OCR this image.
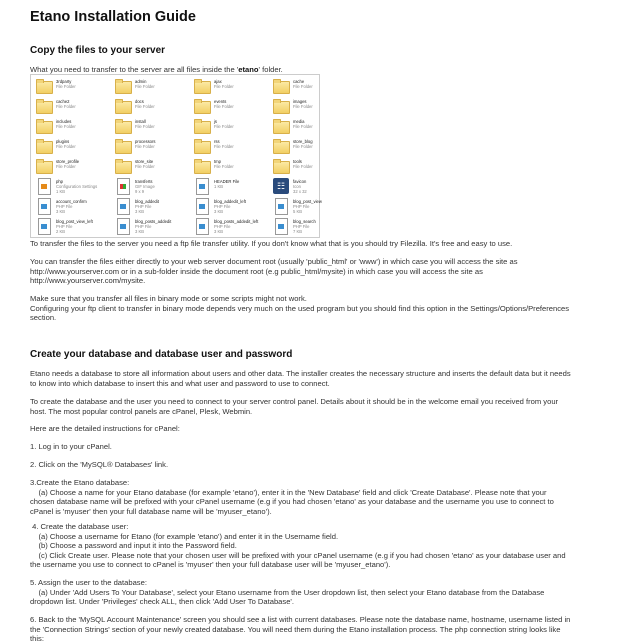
Etano Installation Guide
Copy the files to your server
What you need to transfer to the server are all files inside the 'etano' folder.
3rdparty
File Folder
admin
File Folder
ajax
File Folder
cache
File Folder
cache2
File Folder
docs
File Folder
events
File Folder
images
File Folder
includes
File Folder
install
File Folder
js
File Folder
media
File Folder
plugins
File Folder
processors
File Folder
rss
File Folder
store_blog
File Folder
store_profile
File Folder
store_site
File Folder
tmp
File Folder
tools
File Folder
php
Configuration Settings
1 KB
transferts
GIF Image
9 x 9
HEADER File
1 KB	☷	favicon
Icon
32 x 32
account_confirm
PHP File
3 KB
blog_addedit
PHP File
3 KB
blog_addedit_left
PHP File
3 KB
blog_post_view
PHP File
5 KB
blog_post_view_left
PHP File
2 KB
blog_posts_addedit
PHP File
3 KB
blog_posts_addedit_left
PHP File
3 KB
blog_search
PHP File
7 KB
To transfer the files to the server you need a ftp file transfer utility. If you don't know what that is you should try Filezilla. It's free and easy to use.
You can transfer the files either directly to your web server document root (usually 'public_html' or 'www') in which case you will access the site as
http://www.yourserver.com or in a sub-folder inside the document root (e.g public_html/mysite) in which case you will access the site as
http://www.yourserver.com/mysite.
Make sure that you transfer all files in binary mode or some scripts might not work.
Configuring your ftp client to transfer in binary mode depends very much on the used program but you should find this option in the Settings/Options/Preferences
section.
Create your database and database user and password
Etano needs a database to store all information about users and other data. The installer creates the necessary structure and inserts the default data but it needs
to know into which database to insert this and what user and password to use to connect.
To create the database and the user you need to connect to your server control panel. Details about it should be in the welcome email you received from your
host. The most popular control panels are cPanel, Plesk, Webmin.
Here are the detailed instructions for cPanel:
1. Log in to your cPanel.
2. Click on the 'MySQL® Databases' link.
3.Create the Etano database:
(a) Choose a name for your Etano database (for example 'etano'), enter it in the 'New Database' field and click 'Create Database'. Please note that your
chosen database name will be prefixed with your cPanel username (e.g if you had chosen 'etano' as your database and the username you use to connect to
cPanel is 'myuser' then your full database name will be 'myuser_etano').
4. Create the database user:
(a) Choose a username for Etano (for example 'etano') and enter it in the Username field.
(b) Choose a password and input it into the Password field.
(c) Click Create user. Please note that your chosen user will be prefixed with your cPanel username (e.g if you had chosen 'etano' as your database user and
the username you use to connect to cPanel is 'myuser' then your full database user will be 'myuser_etano').
5. Assign the user to the database:
(a) Under 'Add Users To Your Database', select your Etano username from the User dropdown list, then select your Etano database from the Database
dropdown list. Under 'Privileges' check ALL, then click 'Add User To Database'.
6. Back to the 'MySQL Account Maintenance' screen you should see a list with current databases. Please note the database name, hostname, username listed in
the 'Connection Strings' section of your newly created database. You will need them during the Etano installation process. The php connection string looks like
this:
